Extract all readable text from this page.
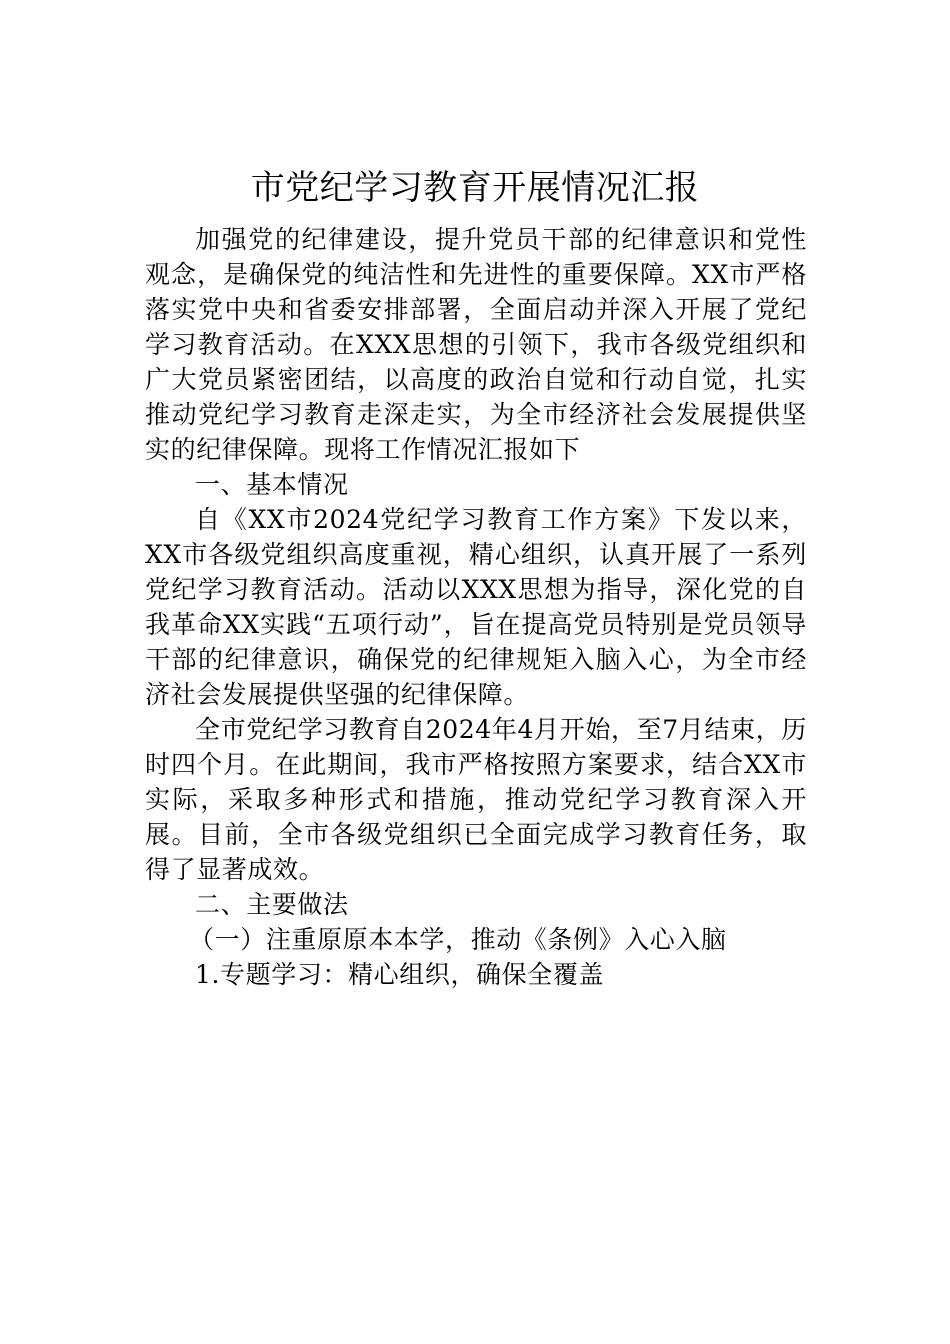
市党纪学习教育开展情况汇报

加强党的纪律建设，提升党员干部的纪律意识和党性观念，是确保党的纯洁性和先进性的重要保障。XX市严格落实党中央和省委安排部署，全面启动并深入开展了党纪学习教育活动。在XXX思想的引领下，我市各级党组织和广大党员紧密团结，以高度的政治自觉和行动自觉，扎实推动党纪学习教育走深走实，为全市经济社会发展提供坚实的纪律保障。现将工作情况汇报如下

一、基本情况

自《XX市2024党纪学习教育工作方案》下发以来，XX市各级党组织高度重视，精心组织，认真开展了一系列党纪学习教育活动。活动以XXX思想为指导，深化党的自我革命XX实践“五项行动”，旨在提高党员特别是党员领导干部的纪律意识，确保党的纪律规矩入脑入心，为全市经济社会发展提供坚强的纪律保障。

全市党纪学习教育自2024年4月开始，至7月结束，历时四个月。在此期间，我市严格按照方案要求，结合XX市实际，采取多种形式和措施，推动党纪学习教育深入开展。目前，全市各级党组织已全面完成学习教育任务，取得了显著成效。

二、主要做法

（一）注重原原本本学，推动《条例》入心入脑

1.专题学习：精心组织，确保全覆盖
